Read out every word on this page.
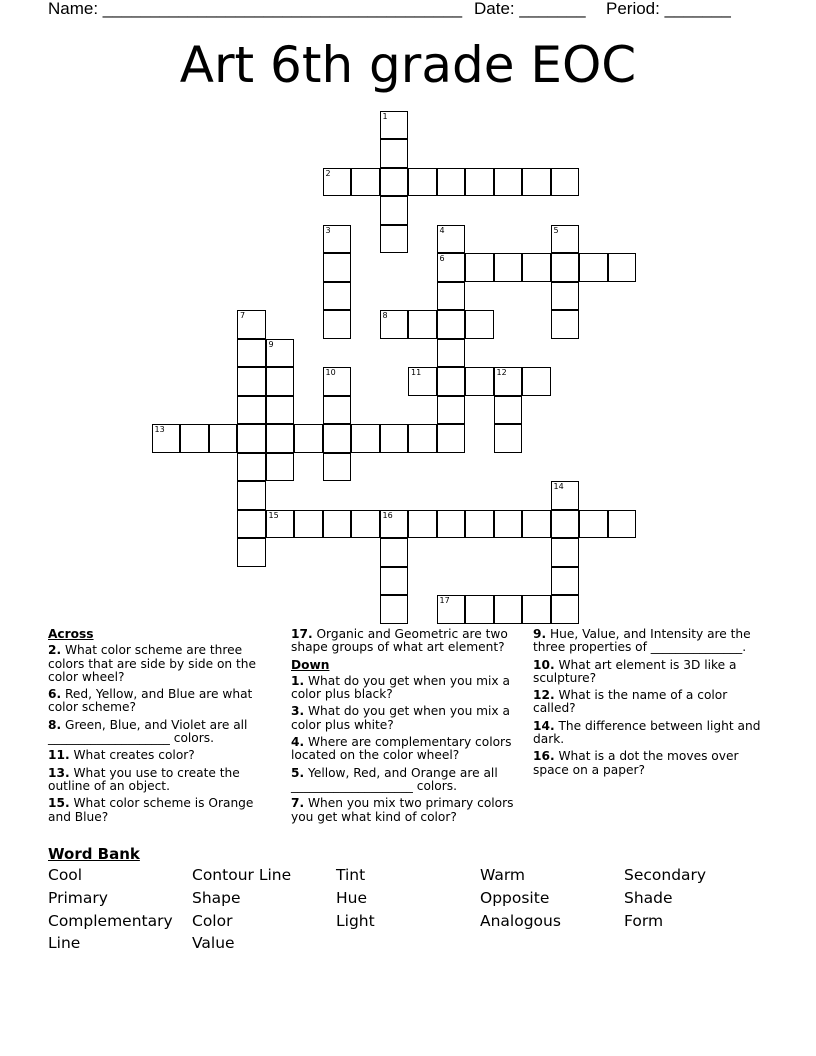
Name: ______________________________________ Date: _______ Period: _______
Art 6th grade EOC
1
2
3	4
6
5
7	8
9
10	11	12
13
14
15	16
17
Across
2. What color scheme are three colors that are side by side on the color wheel?
6. Red, Yellow, and Blue are what color scheme?
8. Green, Blue, and Violet are all ____________________ colors.
11. What creates color?
13. What you use to create the outline of an object.
15. What color scheme is Orange and Blue?
17. Organic and Geometric are two shape groups of what art element?
Down
1. What do you get when you mix a color plus black?
3. What do you get when you mix a color plus white?
4. Where are complementary colors located on the color wheel?
5. Yellow, Red, and Orange are all ____________________ colors.
7. When you mix two primary colors you get what kind of color?
9. Hue, Value, and Intensity are the three properties of _______________.
10. What art element is 3D like a sculpture?
12. What is the name of a color called?
14. The difference between light and dark.
16. What is a dot the moves over space on a paper?
Word Bank
Cool	Contour Line	Tint	Warm	Secondary
Primary	Shape	Hue	Opposite	Shade
Complementary	Color	Light	Analogous	Form
Line	Value
